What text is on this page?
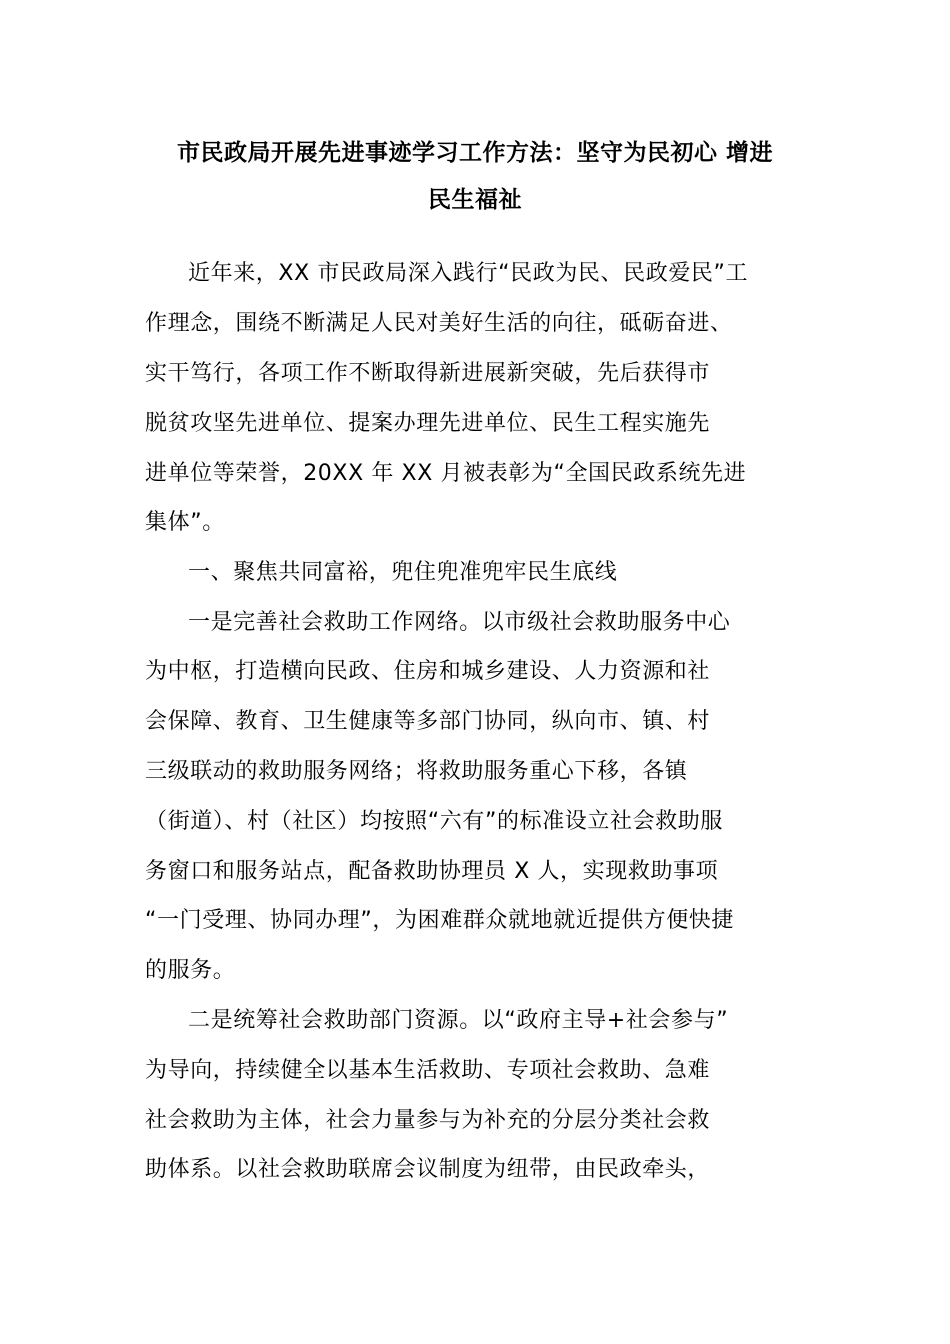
市民政局开展先进事迹学习工作方法：坚守为民初心 增进
民生福祉
近年来，XX 市民政局深入践行“民政为民、民政爱民”工
作理念，围绕不断满足人民对美好生活的向往，砥砺奋进、
实干笃行，各项工作不断取得新进展新突破，先后获得市
脱贫攻坚先进单位、提案办理先进单位、民生工程实施先
进单位等荣誉，20XX 年 XX 月被表彰为“全国民政系统先进
集体”。
一、聚焦共同富裕，兜住兜准兜牢民生底线
一是完善社会救助工作网络。以市级社会救助服务中心
为中枢，打造横向民政、住房和城乡建设、人力资源和社
会保障、教育、卫生健康等多部门协同，纵向市、镇、村
三级联动的救助服务网络；将救助服务重心下移，各镇
（街道）、村（社区）均按照“六有”的标准设立社会救助服
务窗口和服务站点，配备救助协理员 X 人，实现救助事项
“一门受理、协同办理”，为困难群众就地就近提供方便快捷
的服务。
二是统筹社会救助部门资源。以“政府主导+社会参与”
为导向，持续健全以基本生活救助、专项社会救助、急难
社会救助为主体，社会力量参与为补充的分层分类社会救
助体系。以社会救助联席会议制度为纽带，由民政牵头，
